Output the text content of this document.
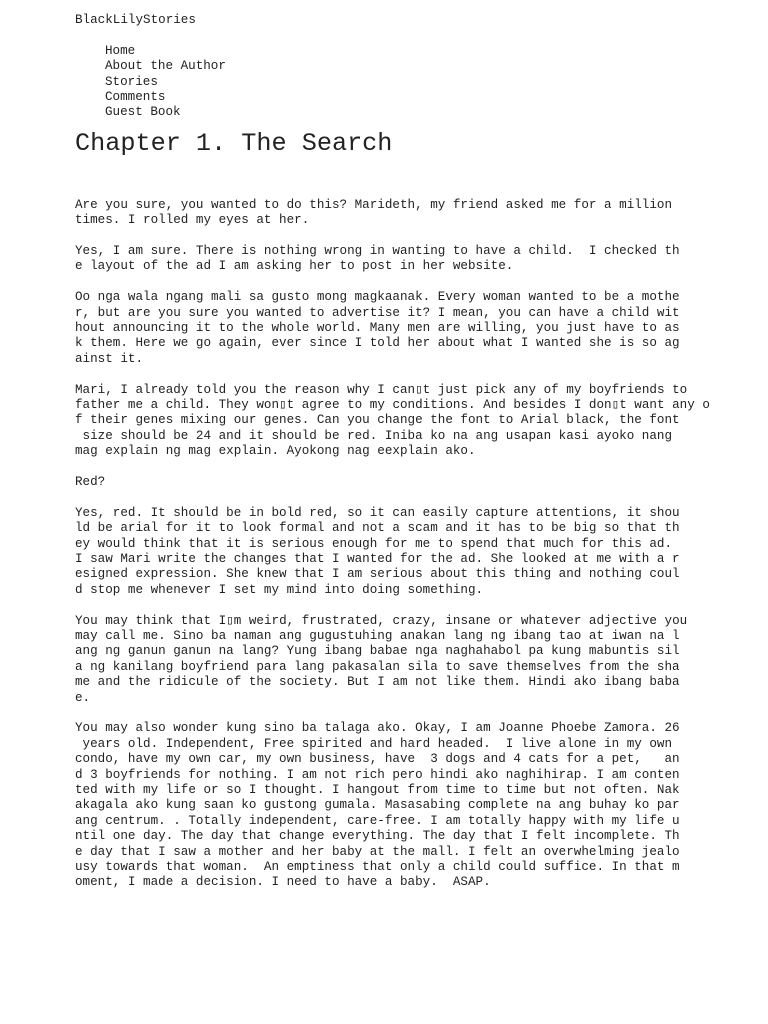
BlackLilyStories
Home
About the Author
Stories
Comments
Guest Book
Chapter 1. The Search

Are you sure, you wanted to do this? Marideth, my friend asked me for a million
times. I rolled my eyes at her.

Yes, I am sure. There is nothing wrong in wanting to have a child.  I checked th
e layout of the ad I am asking her to post in her website.

Oo nga wala ngang mali sa gusto mong magkaanak. Every woman wanted to be a mothe
r, but are you sure you wanted to advertise it? I mean, you can have a child wit
hout announcing it to the whole world. Many men are willing, you just have to as
k them. Here we go again, ever since I told her about what I wanted she is so ag
ainst it.

Mari, I already told you the reason why I can▯t just pick any of my boyfriends to
father me a child. They won▯t agree to my conditions. And besides I don▯t want any o
f their genes mixing our genes. Can you change the font to Arial black, the font
size should be 24 and it should be red. Iniba ko na ang usapan kasi ayoko nang
mag explain ng mag explain. Ayokong nag eexplain ako.

Red?

Yes, red. It should be in bold red, so it can easily capture attentions, it shou
ld be arial for it to look formal and not a scam and it has to be big so that th
ey would think that it is serious enough for me to spend that much for this ad.
I saw Mari write the changes that I wanted for the ad. She looked at me with a r
esigned expression. She knew that I am serious about this thing and nothing coul
d stop me whenever I set my mind into doing something.

You may think that I▯m weird, frustrated, crazy, insane or whatever adjective you
may call me. Sino ba naman ang gugustuhing anakan lang ng ibang tao at iwan na l
ang ng ganun ganun na lang? Yung ibang babae nga naghahabol pa kung mabuntis sil
a ng kanilang boyfriend para lang pakasalan sila to save themselves from the sha
me and the ridicule of the society. But I am not like them. Hindi ako ibang baba
e.

You may also wonder kung sino ba talaga ako. Okay, I am Joanne Phoebe Zamora. 26
years old. Independent, Free spirited and hard headed.  I live alone in my own
condo, have my own car, my own business, have  3 dogs and 4 cats for a pet,   an
d 3 boyfriends for nothing. I am not rich pero hindi ako naghihirap. I am conten
ted with my life or so I thought. I hangout from time to time but not often. Nak
akagala ako kung saan ko gustong gumala. Masasabing complete na ang buhay ko par
ang centrum. . Totally independent, care-free. I am totally happy with my life u
ntil one day. The day that change everything. The day that I felt incomplete. Th
e day that I saw a mother and her baby at the mall. I felt an overwhelming jealo
usy towards that woman.  An emptiness that only a child could suffice. In that m
oment, I made a decision. I need to have a baby.  ASAP.
